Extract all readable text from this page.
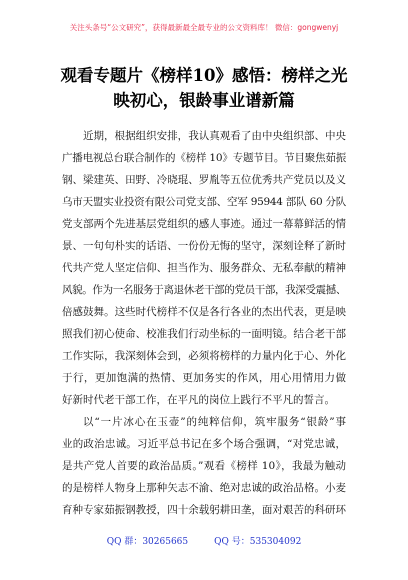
关注头条号“公文研究”，获得最新最全最专业的公文资料库！ 微信：gongwenyj
观看专题片《榜样10》感悟：榜样之光
映初心，银龄事业谱新篇
近期，根据组织安排，我认真观看了由中央组织部、中央
广播电视总台联合制作的《榜样 10》专题节目。节目聚焦茹振
钢、梁建英、田野、冷晓琨、罗胤等五位优秀共产党员以及义
乌市天盟实业投资有限公司党支部、空军 95944 部队 60 分队
党支部两个先进基层党组织的感人事迹。通过一幕幕鲜活的情
景、一句句朴实的话语、一份份无悔的坚守，深刻诠释了新时
代共产党人坚定信仰、担当作为、服务群众、无私奉献的精神
风貌。作为一名服务于离退休老干部的党员干部，我深受震撼、
倍感鼓舞。这些时代榜样不仅是各行各业的杰出代表，更是映
照我们初心使命、校准我们行动坐标的一面明镜。结合老干部
工作实际，我深刻体会到，必须将榜样的力量内化于心、外化
于行，更加饱满的热情、更加务实的作风，用心用情用力做
好新时代老干部工作，在平凡的岗位上践行不平凡的誓言。
以“一片冰心在玉壶”的纯粹信仰，筑牢服务“银龄”事
业的政治忠诚。习近平总书记在多个场合强调，“对党忠诚，
是共产党人首要的政治品质。”观看《榜样 10》，我最为触动
的是榜样人物身上那种矢志不渝、绝对忠诚的政治品格。小麦
育种专家茹振钢教授，四十余载躬耕田垄，面对艰苦的科研环
QQ 群：30265665	QQ 号：535304092
